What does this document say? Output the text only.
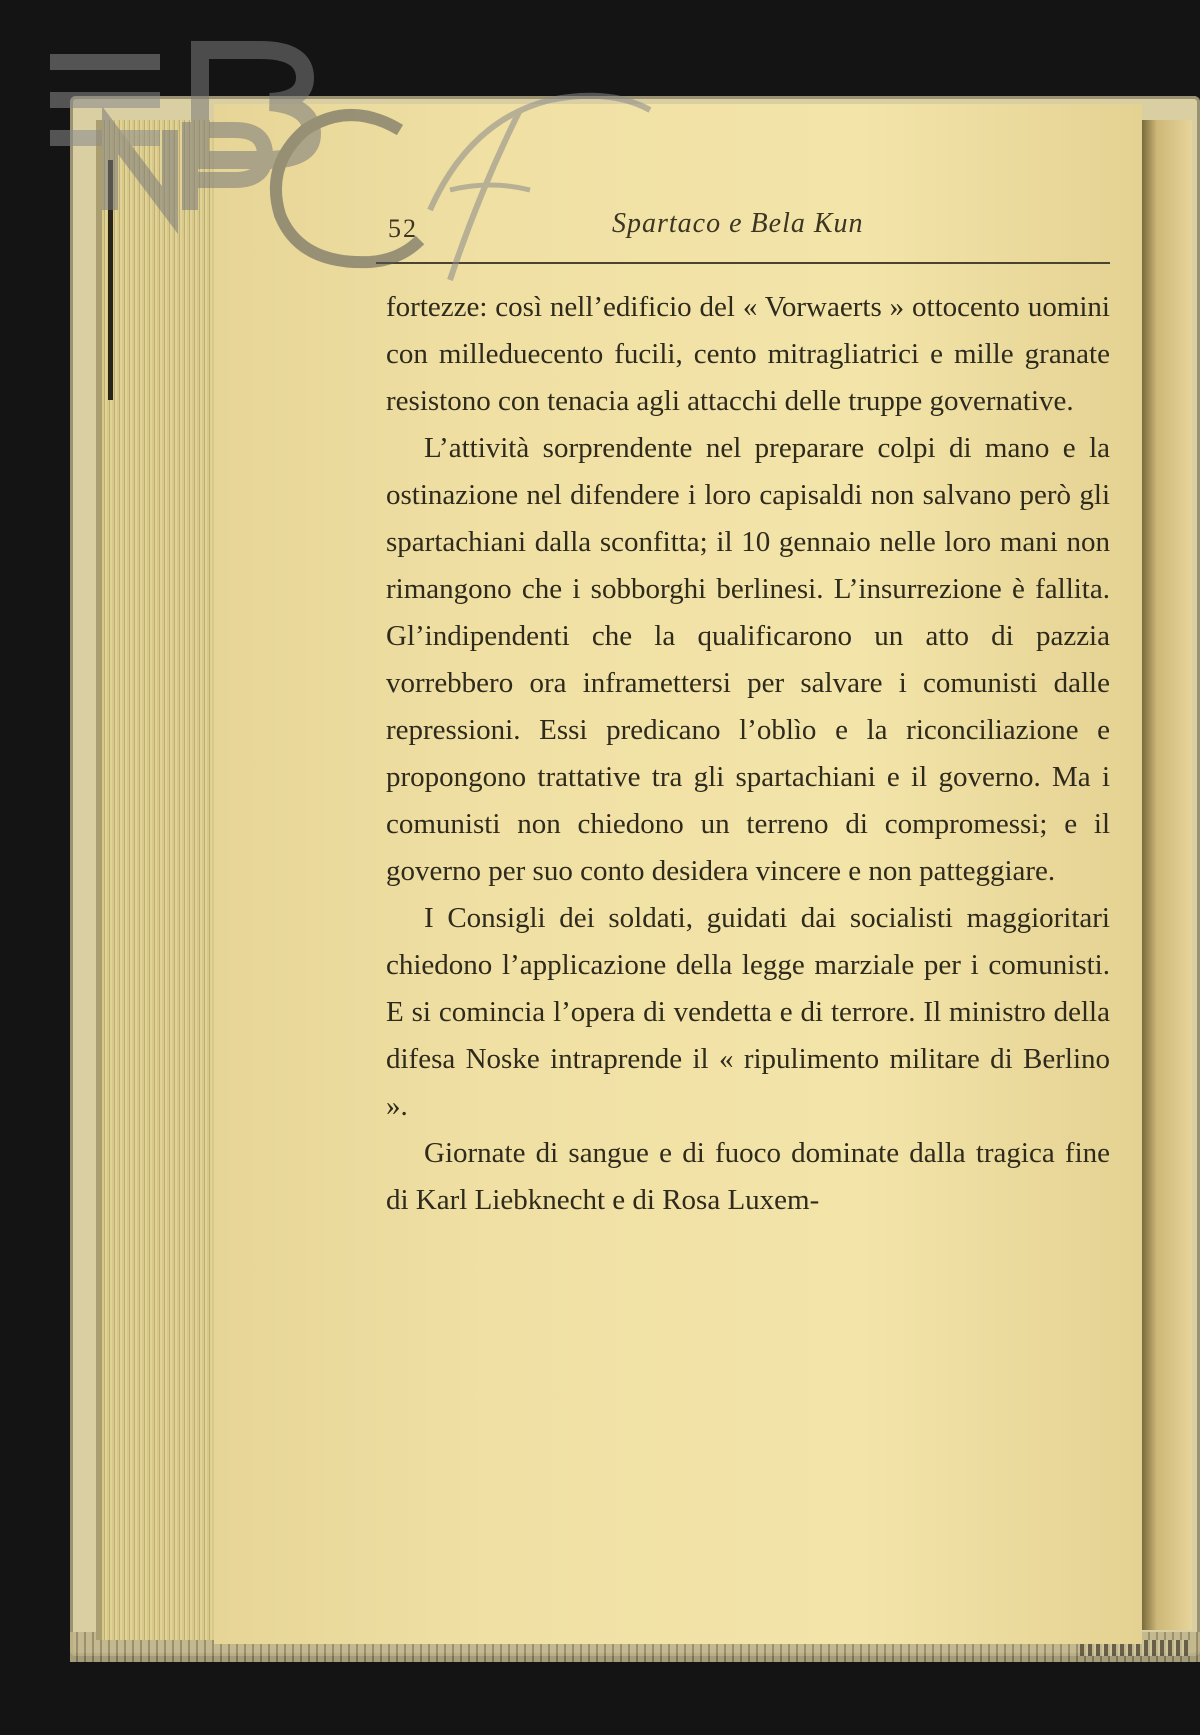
52	Spartaco e Bela Kun

fortezze: così nell’edificio del « Vorwaerts » ottocento uomini con milleduecento fucili, cento mitragliatrici e mille granate resistono con tenacia agli attacchi delle truppe governative.

L’attività sorprendente nel preparare colpi di mano e la ostinazione nel difendere i loro capisaldi non salvano però gli spartachiani dalla sconfitta; il 10 gennaio nelle loro mani non rimangono che i sobborghi berlinesi. L’insurrezione è fallita. Gl’indipendenti che la qualificarono un atto di pazzia vorrebbero ora inframettersi per salvare i comunisti dalle repressioni. Essi predicano l’oblìo e la riconciliazione e propongono trattative tra gli spartachiani e il governo. Ma i comunisti non chiedono un terreno di compromessi; e il governo per suo conto desidera vincere e non patteggiare.

I Consigli dei soldati, guidati dai socialisti maggioritari chiedono l’applicazione della legge marziale per i comunisti. E si comincia l’opera di vendetta e di terrore. Il ministro della difesa Noske intraprende il « ripulimento militare di Berlino ».

Giornate di sangue e di fuoco dominate dalla tragica fine di Karl Liebknecht e di Rosa Luxem-
